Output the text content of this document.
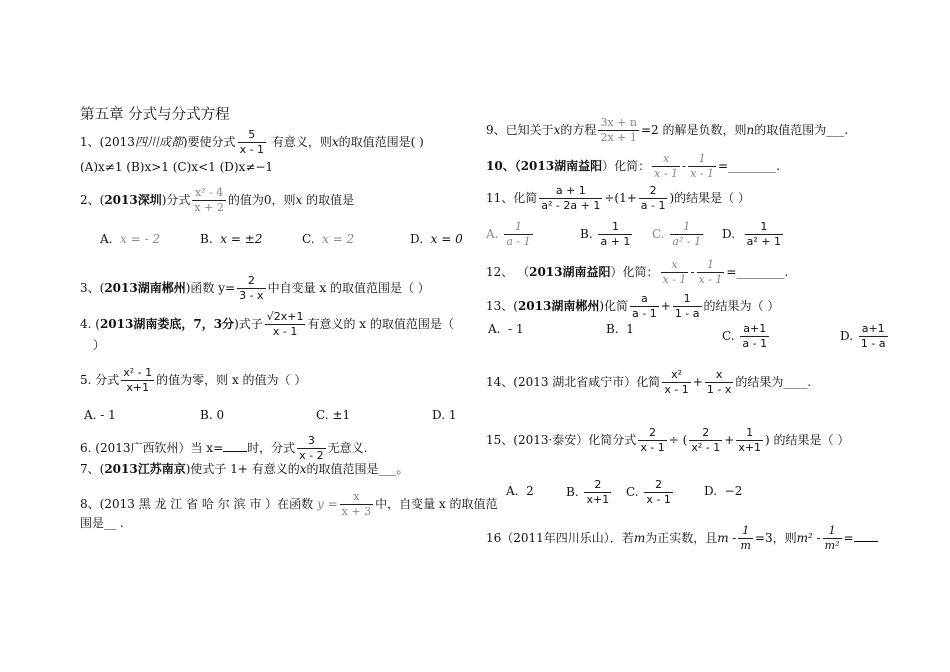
第五章 分式与分式方程
1、(2013四川成都)要使分式 $\frac{5}{x - 1}$ 有意义，则x的取值范围是( )
(A)x≠1 (B)x>1 (C)x<1 (D)x≠−1
2、(2013深圳)分式 $\frac{\text{x² - 4}}{x + 2}$ 的值为0，则x 的取值是
A. x = - 2	B. x = ±2	C. x = 2	D. x = 0
3、(2013湖南郴州)函数 $y= \frac{2}{3 - x}$ 中自变量 x 的取值范围是（ ）
4. (2013湖南娄底，7，3分)式子 $\frac{√2x+1}{x - 1}$ 有意义的 x 的取值范围是（
）
5. 分式 $\frac{\text{x² - 1}}{x+1}$ 的值为零，则 x 的值为（ ）
A. - 1	B. 0	C. ±1	D. 1
6. (2013广西钦州）当 x= 时，分式 $\frac{3}{x - 2}$ 无意义.
7、(2013江苏南京)使式子 1+ 有意义的x的取值范围是___。
8、(2013 黑 龙 江 省 哈 尔 滨 市 ）在函数 $y = \frac{x}{x + 3}$ 中，自变量 x 的取值范
围是__ .
9、已知关于x的方程 $\frac{3x + n}{2x + 1} =2$ 的解是负数，则n的取值范围为___.
10、（2013湖南益阳）化简： $\frac{x}{x - 1} - \frac{1}{x - 1}$ =________.
11、化简 $\frac{a + 1}{\text{a² - 2a + 1}} \div(1+ \frac{2}{a - 1}$ )的结果是（ ）
A. $\frac{1}{a - 1}$	B. $\frac{1}{a + 1} C$. $\frac{1}{\text{a² - 1}} D$. $\frac{1}{\text{a² + 1}}$
12、 （2013湖南益阳）化简： $\frac{x}{x - 1} - \frac{1}{x - 1}$ =________.
13、(2013湖南郴州)化简 $\frac{a}{a - 1} + \frac{1}{1 - a}$ 的结果为（ ）
A. - 1	B. 1	C. $\frac{a+1}{a - 1}$	D. $\frac{a+1}{1 - a}$
14、(2013 湖北省咸宁市）化简 $\frac{\text{x²}}{x - 1} + \frac{x}{1 - x}$ 的结果为____.
15、(2013·泰安）化简分式 $\frac{2}{x - 1}$ ÷ ( $\frac{2}{\text{x² - 1}} + \frac{1}{x+1}$ ) 的结果是（ ）
A. 2	B. $\frac{2}{x+1} C$. $\frac{2}{x - 1}$	D. −2
16（2011年四川乐山）．若m为正实数，且$m - \frac{1}{m} =3$，则$m^2 - \frac{1}{\text{m²}}$ =
